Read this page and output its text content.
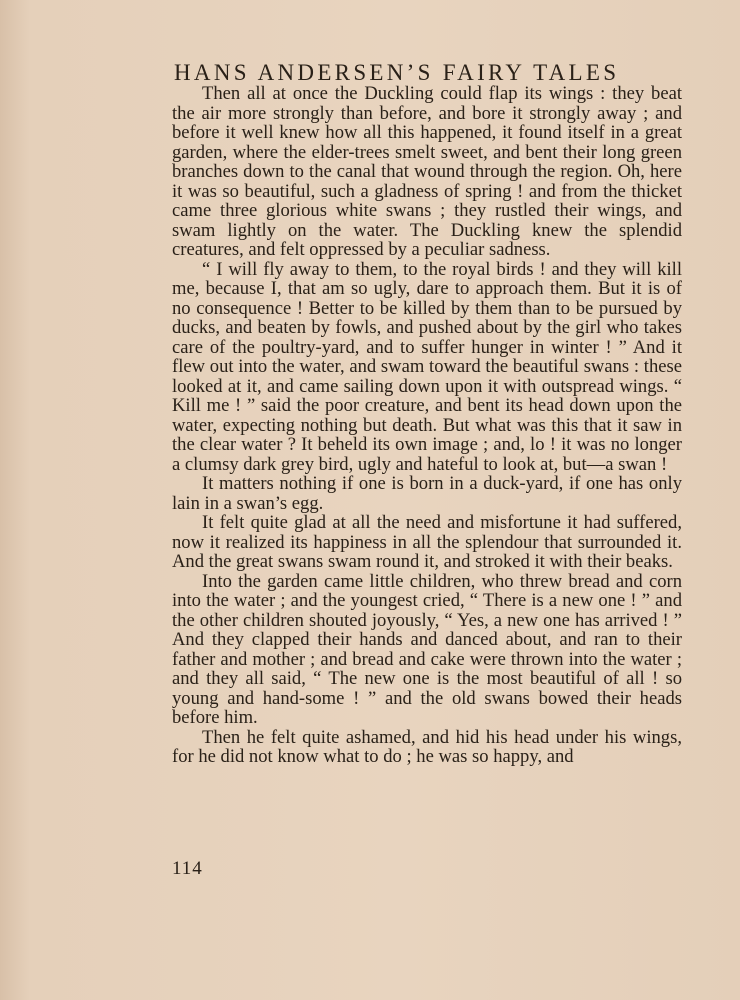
HANS ANDERSEN’S FAIRY TALES

Then all at once the Duckling could flap its wings : they beat the air more strongly than before, and bore it strongly away ; and before it well knew how all this happened, it found itself in a great garden, where the elder-trees smelt sweet, and bent their long green branches down to the canal that wound through the region. Oh, here it was so beautiful, such a gladness of spring ! and from the thicket came three glorious white swans ; they rustled their wings, and swam lightly on the water. The Duckling knew the splendid creatures, and felt oppressed by a peculiar sadness.

“ I will fly away to them, to the royal birds ! and they will kill me, because I, that am so ugly, dare to approach them. But it is of no consequence ! Better to be killed by them than to be pursued by ducks, and beaten by fowls, and pushed about by the girl who takes care of the poultry-yard, and to suffer hunger in winter ! ” And it flew out into the water, and swam toward the beautiful swans : these looked at it, and came sailing down upon it with outspread wings. “ Kill me ! ” said the poor creature, and bent its head down upon the water, expecting nothing but death. But what was this that it saw in the clear water ? It beheld its own image ; and, lo ! it was no longer a clumsy dark grey bird, ugly and hateful to look at, but—a swan !

It matters nothing if one is born in a duck-yard, if one has only lain in a swan’s egg.

It felt quite glad at all the need and misfortune it had suffered, now it realized its happiness in all the splendour that surrounded it. And the great swans swam round it, and stroked it with their beaks.

Into the garden came little children, who threw bread and corn into the water ; and the youngest cried, “ There is a new one ! ” and the other children shouted joyously, “ Yes, a new one has arrived ! ” And they clapped their hands and danced about, and ran to their father and mother ; and bread and cake were thrown into the water ; and they all said, “ The new one is the most beautiful of all ! so young and hand-some ! ” and the old swans bowed their heads before him.

Then he felt quite ashamed, and hid his head under his wings, for he did not know what to do ; he was so happy, and

114
